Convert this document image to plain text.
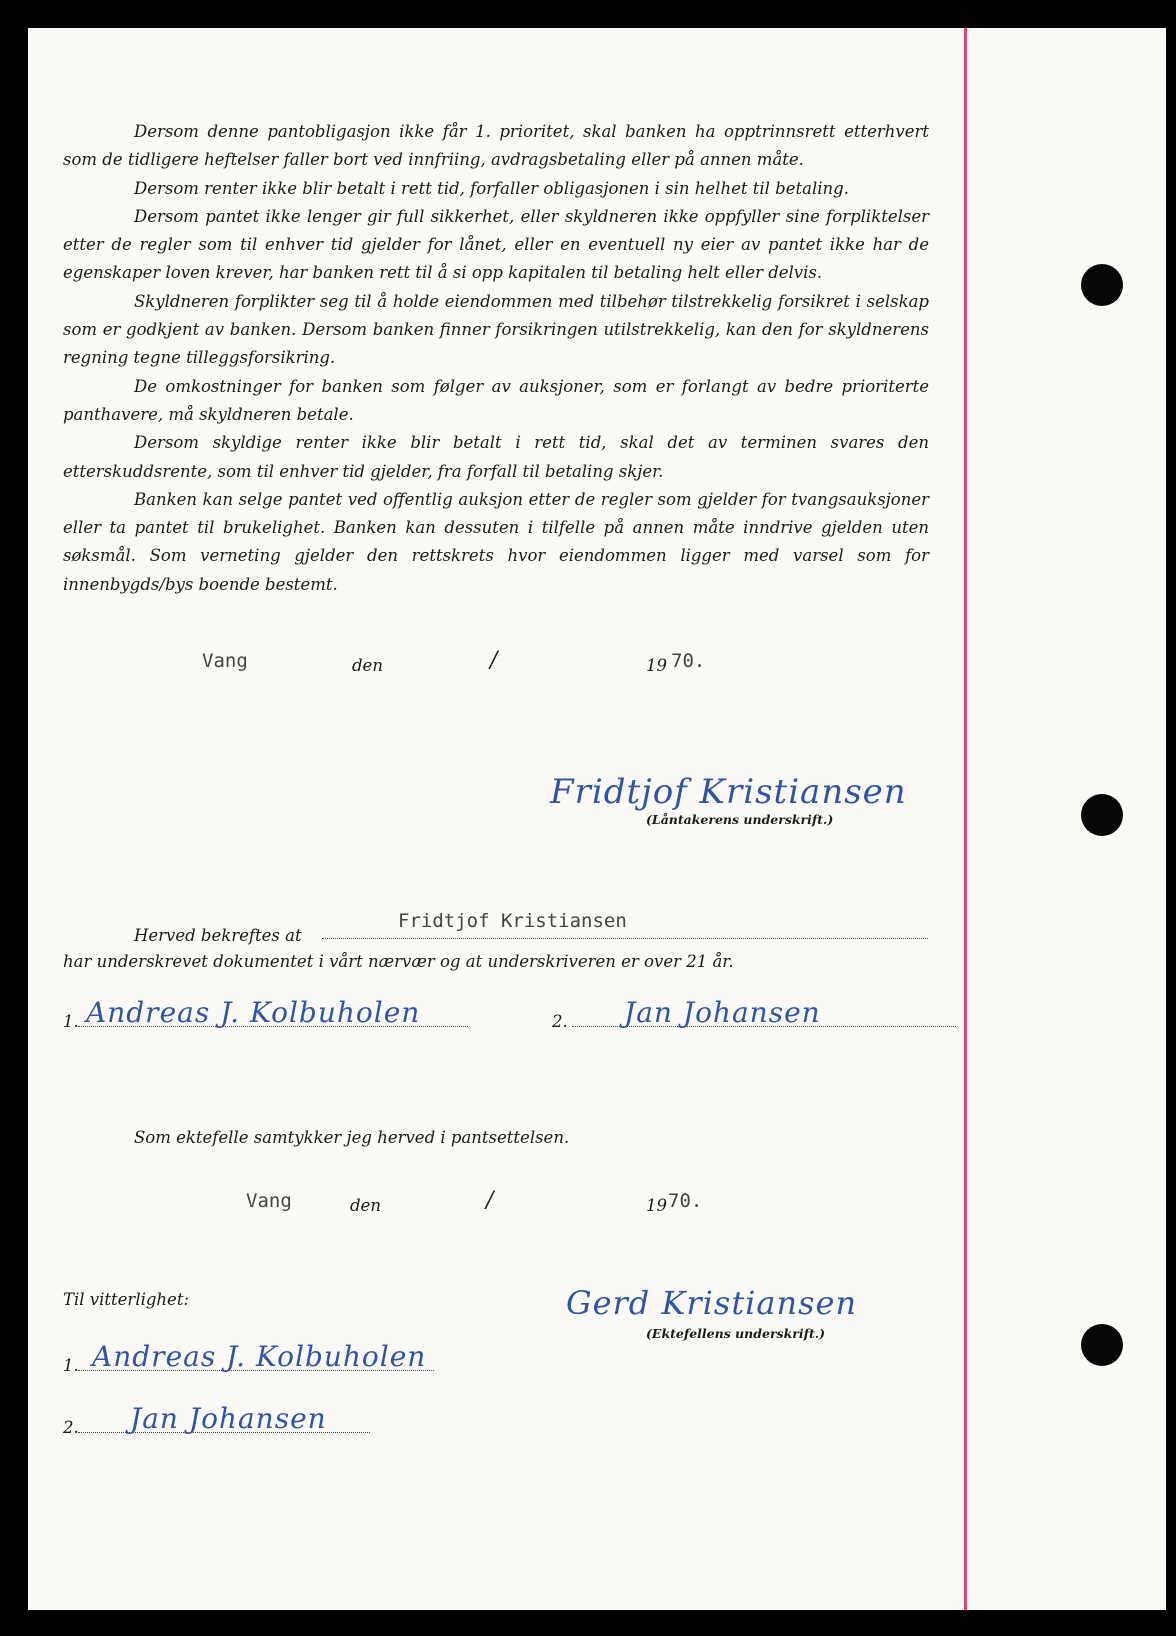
Dersom denne pantobligasjon ikke får 1. prioritet, skal banken ha opptrinnsrett etterhvert som de tidligere heftelser faller bort ved innfriing, avdragsbetaling eller på annen måte.

Dersom renter ikke blir betalt i rett tid, forfaller obligasjonen i sin helhet til betaling.

Dersom pantet ikke lenger gir full sikkerhet, eller skyldneren ikke oppfyller sine forpliktelser etter de regler som til enhver tid gjelder for lånet, eller en eventuell ny eier av pantet ikke har de egenskaper loven krever, har banken rett til å si opp kapitalen til betaling helt eller delvis.

Skyldneren forplikter seg til å holde eiendommen med tilbehør tilstrekkelig forsikret i selskap som er godkjent av banken. Dersom banken finner forsikringen utilstrekkelig, kan den for skyldnerens regning tegne tilleggsforsikring.

De omkostninger for banken som følger av auksjoner, som er forlangt av bedre prioriterte panthavere, må skyldneren betale.

Dersom skyldige renter ikke blir betalt i rett tid, skal det av terminen svares den etterskuddsrente, som til enhver tid gjelder, fra forfall til betaling skjer.

Banken kan selge pantet ved offentlig auksjon etter de regler som gjelder for tvangsauksjoner eller ta pantet til brukelighet. Banken kan dessuten i tilfelle på annen måte inndrive gjelden uten søksmål. Som verneting gjelder den rettskrets hvor eiendommen ligger med varsel som for innenbygds/bys boende bestemt.

Vang	den	/	19 70.
Fridtjof Kristiansen
(Låntakerens underskrift.)
Herved bekreftes at
Fridtjof Kristiansen
har underskrevet dokumentet i vårt nærvær og at underskriveren er over 21 år.
1. Andreas J. Kolbuholen	2. Jan Johansen
Som ektefelle samtykker jeg herved i pantsettelsen.
Vang	den	/	19 70.
Til vitterlighet:	Gerd Kristiansen
(Ektefellens underskrift.)
1. Andreas J. Kolbuholen
2. Jan Johansen
